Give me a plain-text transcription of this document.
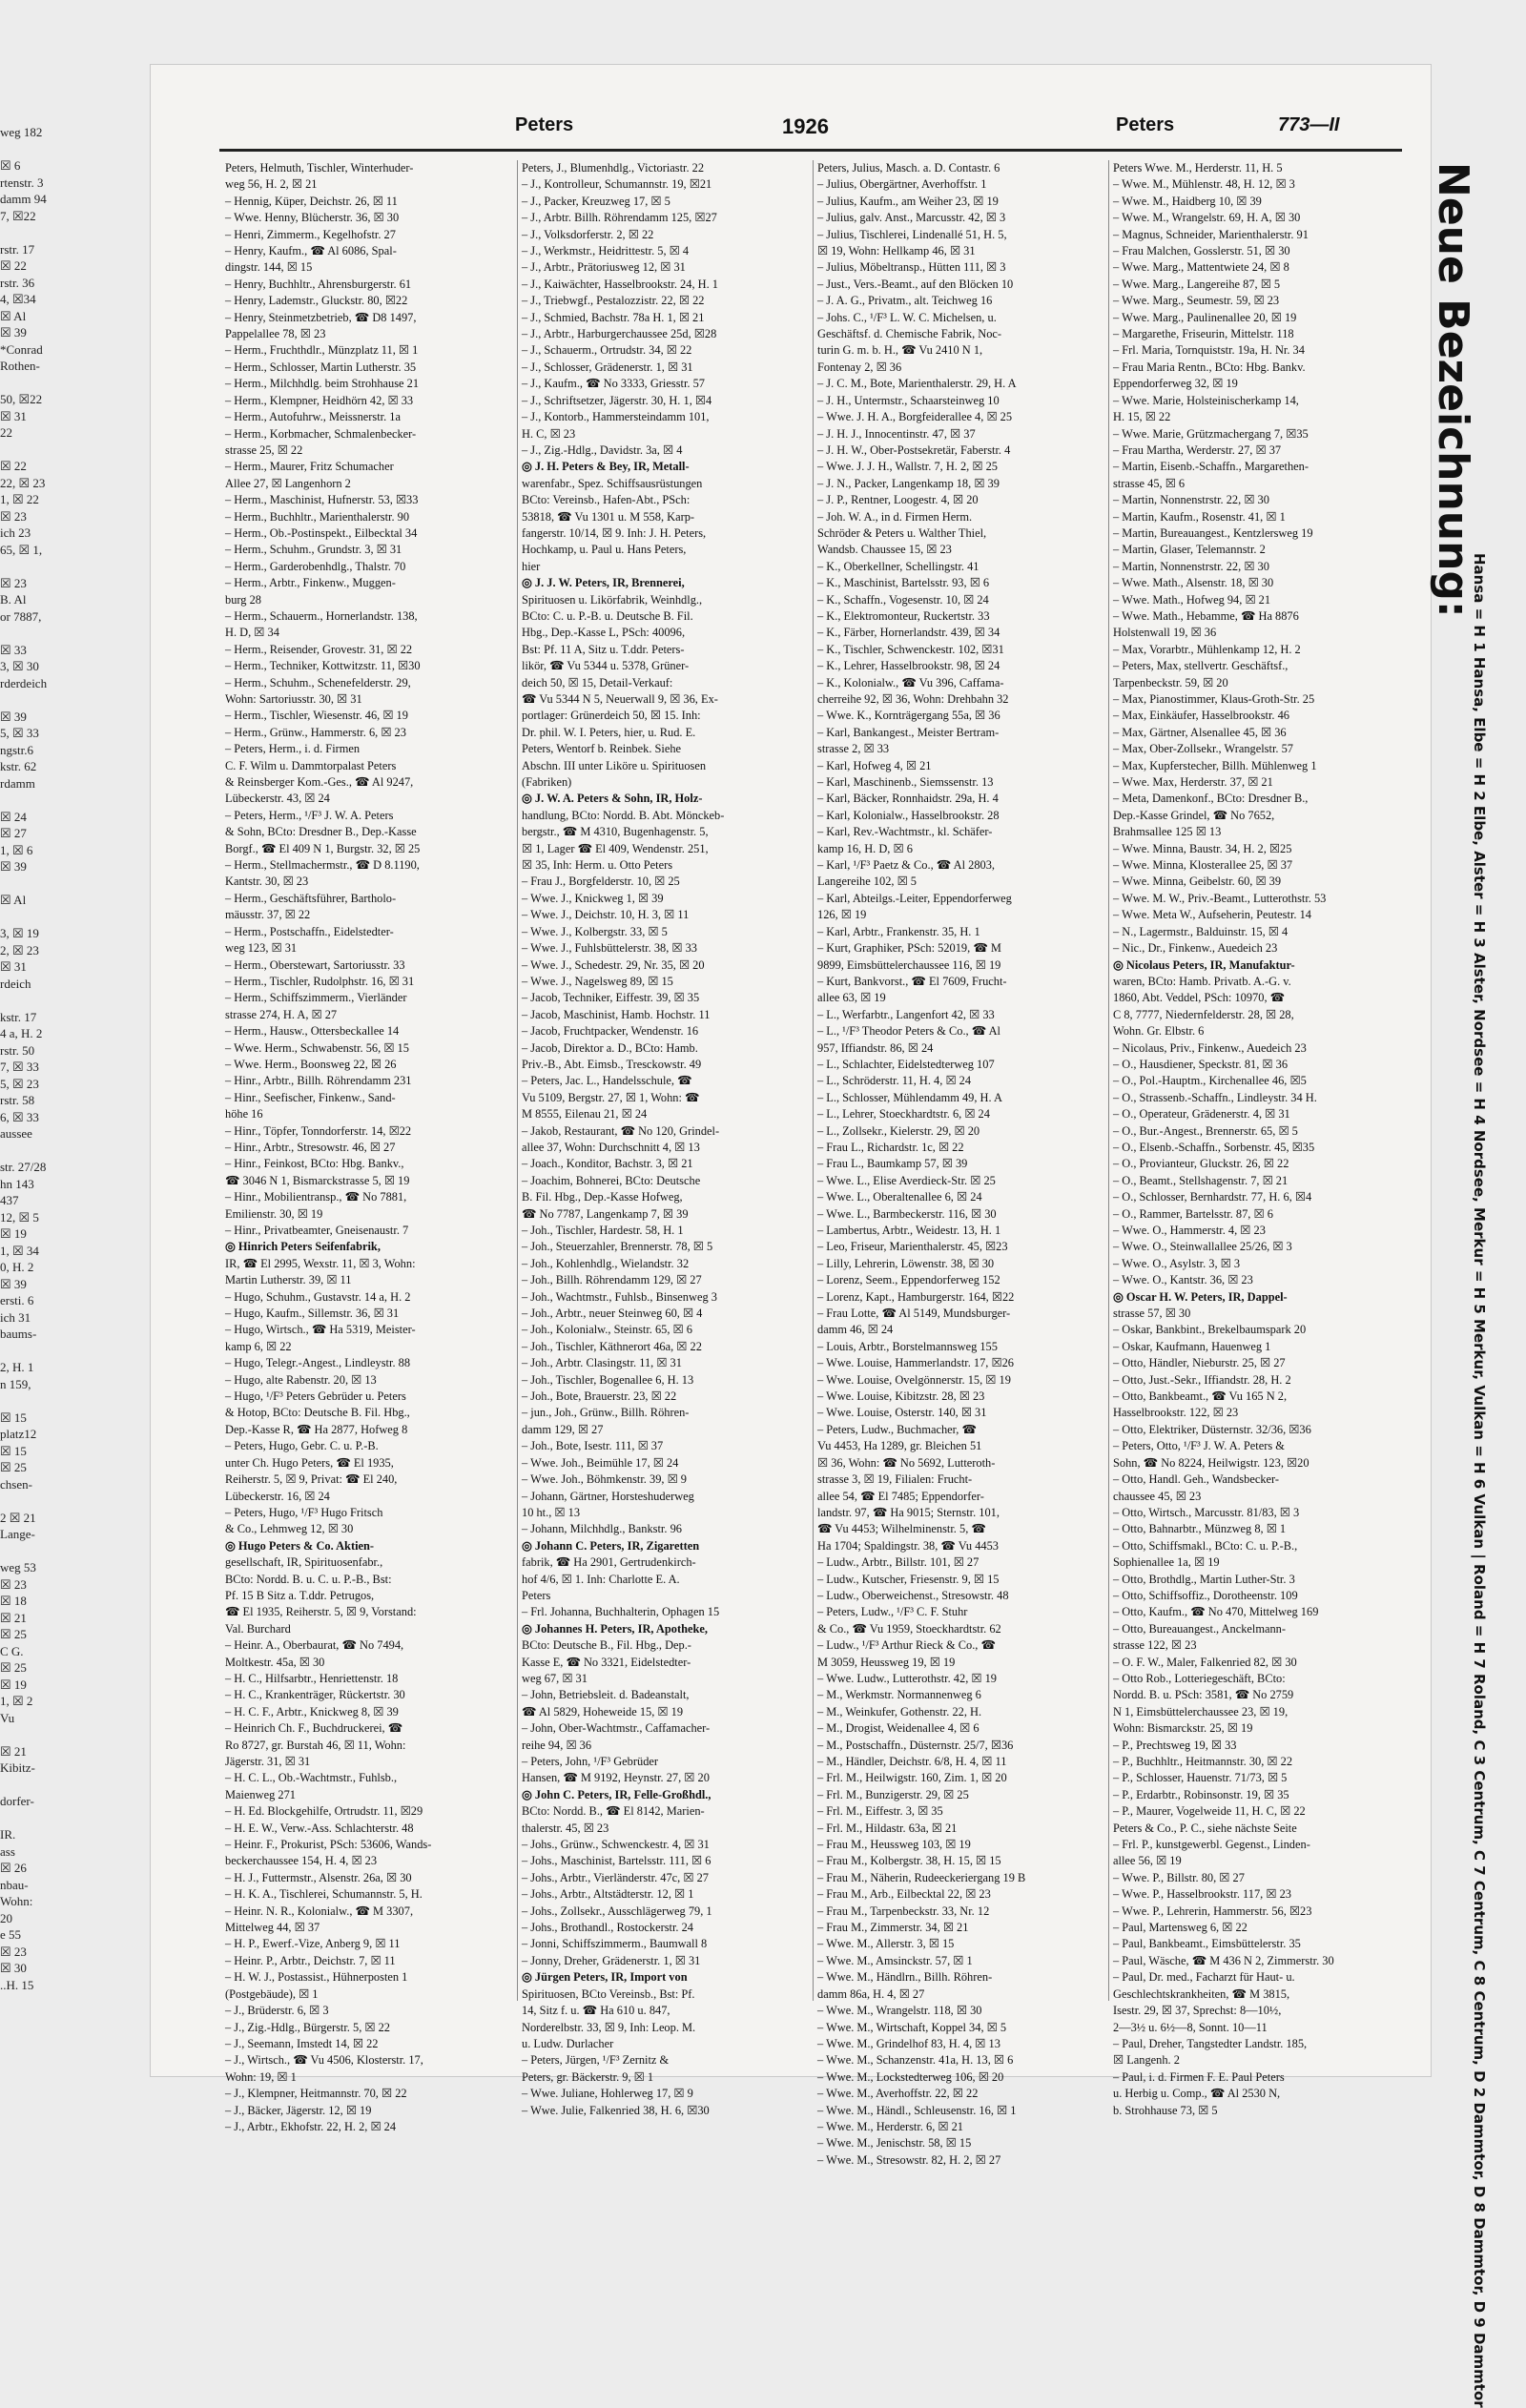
weg 182

☒ 6
rtenstr. 3
damm 94
7, ☒22

rstr. 17
☒ 22
rstr. 36
4, ☒34
☒ Al
☒ 39
*Conrad
Rothen-

50, ☒22
☒ 31
22

☒ 22
22, ☒ 23
1, ☒ 22
☒ 23
ich 23
65, ☒ 1,

☒ 23
B. Al
or 7887,

☒ 33
3, ☒ 30
rderdeich

☒ 39
5, ☒ 33
ngstr.6
kstr. 62
rdamm

☒ 24
☒ 27
1, ☒ 6
☒ 39

☒ Al

3, ☒ 19
2, ☒ 23
☒ 31
rdeich

kstr. 17
4 a, H. 2
rstr. 50
7, ☒ 33
5, ☒ 23
rstr. 58
6, ☒ 33
aussee

str. 27/28
hn 143
437
12, ☒ 5
☒ 19
1, ☒ 34
0, H. 2
☒ 39
ersti. 6
ich 31
baums-

2, H. 1
n 159,

☒ 15
platz12
☒ 15
☒ 25
chsen-

2 ☒ 21
Lange-

weg 53
☒ 23
☒ 18
☒ 21
☒ 25
C G.
☒ 25
☒ 19
1, ☒ 2
Vu

☒ 21
Kibitz-

dorfer-

IR.
ass
☒ 26
nbau-
Wohn:
20
e 55
☒ 23
☒ 30
..H. 15
Peters	1926	Peters	773—II
Peters, Helmuth, Tischler, Winterhuder-
weg 56, H. 2, ☒ 21
– Hennig, Küper, Deichstr. 26, ☒ 11
– Wwe. Henny, Blücherstr. 36, ☒ 30
– Henri, Zimmerm., Kegelhofstr. 27
– Henry, Kaufm., ☎ Al 6086, Spal-
dingstr. 144, ☒ 15
– Henry, Buchhltr., Ahrensburgerstr. 61
– Henry, Lademstr., Gluckstr. 80, ☒22
– Henry, Steinmetzbetrieb, ☎ D8 1497,
Pappelallee 78, ☒ 23
– Herm., Fruchthdlr., Münzplatz 11, ☒ 1
– Herm., Schlosser, Martin Lutherstr. 35
– Herm., Milchhdlg. beim Strohhause 21
– Herm., Klempner, Heidhörn 42, ☒ 33
– Herm., Autofuhrw., Meissnerstr. 1a
– Herm., Korbmacher, Schmalenbecker-
strasse 25, ☒ 22
– Herm., Maurer, Fritz Schumacher
Allee 27, ☒ Langenhorn 2
– Herm., Maschinist, Hufnerstr. 53, ☒33
– Herm., Buchhltr., Marienthalerstr. 90
– Herm., Ob.-Postinspekt., Eilbecktal 34
– Herm., Schuhm., Grundstr. 3, ☒ 31
– Herm., Garderobenhdlg., Thalstr. 70
– Herm., Arbtr., Finkenw., Muggen-
burg 28
– Herm., Schauerm., Hornerlandstr. 138,
H. D, ☒ 34
– Herm., Reisender, Grovestr. 31, ☒ 22
– Herm., Techniker, Kottwitzstr. 11, ☒30
– Herm., Schuhm., Schenefelderstr. 29,
Wohn: Sartoriusstr. 30, ☒ 31
– Herm., Tischler, Wiesenstr. 46, ☒ 19
– Herm., Grünw., Hammerstr. 6, ☒ 23
– Peters, Herm., i. d. Firmen
C. F. Wilm u. Dammtorpalast Peters
& Reinsberger Kom.-Ges., ☎ Al 9247,
Lübeckerstr. 43, ☒ 24
– Peters, Herm., ¹/F³ J. W. A. Peters
& Sohn, BCto: Dresdner B., Dep.-Kasse
Borgf., ☎ El 409 N 1, Burgstr. 32, ☒ 25
– Herm., Stellmachermstr., ☎ D 8.1190,
Kantstr. 30, ☒ 23
– Herm., Geschäftsführer, Bartholo-
mäusstr. 37, ☒ 22
– Herm., Postschaffn., Eidelstedter-
weg 123, ☒ 31
– Herm., Oberstewart, Sartoriusstr. 33
– Herm., Tischler, Rudolphstr. 16, ☒ 31
– Herm., Schiffszimmerm., Vierländer
strasse 274, H. A, ☒ 27
– Herm., Hausw., Ottersbeckallee 14
– Wwe. Herm., Schwabenstr. 56, ☒ 15
– Wwe. Herm., Boonsweg 22, ☒ 26
– Hinr., Arbtr., Billh. Röhrendamm 231
– Hinr., Seefischer, Finkenw., Sand-
höhe 16
– Hinr., Töpfer, Tonndorferstr. 14, ☒22
– Hinr., Arbtr., Stresowstr. 46, ☒ 27
– Hinr., Feinkost, BCto: Hbg. Bankv.,
☎ 3046 N 1, Bismarckstrasse 5, ☒ 19
– Hinr., Mobilientransp., ☎ No 7881,
Emilienstr. 30, ☒ 19
– Hinr., Privatbeamter, Gneisenaustr. 7
◎ Hinrich Peters Seifenfabrik,
IR, ☎ El 2995, Wexstr. 11, ☒ 3, Wohn:
Martin Lutherstr. 39, ☒ 11
– Hugo, Schuhm., Gustavstr. 14 a, H. 2
– Hugo, Kaufm., Sillemstr. 36, ☒ 31
– Hugo, Wirtsch., ☎ Ha 5319, Meister-
kamp 6, ☒ 22
– Hugo, Telegr.-Angest., Lindleystr. 88
– Hugo, alte Rabenstr. 20, ☒ 13
– Hugo, ¹/F³ Peters Gebrüder u. Peters
& Hotop, BCto: Deutsche B. Fil. Hbg.,
Dep.-Kasse R, ☎ Ha 2877, Hofweg 8
– Peters, Hugo, Gebr. C. u. P.-B.
unter Ch. Hugo Peters, ☎ El 1935,
Reiherstr. 5, ☒ 9, Privat: ☎ El 240,
Lübeckerstr. 16, ☒ 24
– Peters, Hugo, ¹/F³ Hugo Fritsch
& Co., Lehmweg 12, ☒ 30
◎ Hugo Peters & Co. Aktien-
gesellschaft, IR, Spirituosenfabr.,
BCto: Nordd. B. u. C. u. P.-B., Bst:
Pf. 15 B Sitz a. T.ddr. Petrugos,
☎ El 1935, Reiherstr. 5, ☒ 9, Vorstand:
Val. Burchard
– Heinr. A., Oberbaurat, ☎ No 7494,
Moltkestr. 45a, ☒ 30
– H. C., Hilfsarbtr., Henriettenstr. 18
– H. C., Krankenträger, Rückertstr. 30
– H. C. F., Arbtr., Knickweg 8, ☒ 39
– Heinrich Ch. F., Buchdruckerei, ☎
Ro 8727, gr. Burstah 46, ☒ 11, Wohn:
Jägerstr. 31, ☒ 31
– H. C. L., Ob.-Wachtmstr., Fuhlsb.,
Maienweg 271
– H. Ed. Blockgehilfe, Ortrudstr. 11, ☒29
– H. E. W., Verw.-Ass. Schlachterstr. 48
– Heinr. F., Prokurist, PSch: 53606, Wands-
beckerchaussee 154, H. 4, ☒ 23
– H. J., Futtermstr., Alsenstr. 26a, ☒ 30
– H. K. A., Tischlerei, Schumannstr. 5, H.
– Heinr. N. R., Kolonialw., ☎ M 3307,
Mittelweg 44, ☒ 37
– H. P., Ewerf.-Vize, Anberg 9, ☒ 11
– Heinr. P., Arbtr., Deichstr. 7, ☒ 11
– H. W. J., Postassist., Hühnerposten 1
(Postgebäude), ☒ 1
– J., Brüderstr. 6, ☒ 3
– J., Zig.-Hdlg., Bürgerstr. 5, ☒ 22
– J., Seemann, Imstedt 14, ☒ 22
– J., Wirtsch., ☎ Vu 4506, Klosterstr. 17,
Wohn: 19, ☒ 1
– J., Klempner, Heitmannstr. 70, ☒ 22
– J., Bäcker, Jägerstr. 12, ☒ 19
– J., Arbtr., Ekhofstr. 22, H. 2, ☒ 24
Peters, J., Blumenhdlg., Victoriastr. 22
– J., Kontrolleur, Schumannstr. 19, ☒21
– J., Packer, Kreuzweg 17, ☒ 5
– J., Arbtr. Billh. Röhrendamm 125, ☒27
– J., Volksdorferstr. 2, ☒ 22
– J., Werkmstr., Heidrittestr. 5, ☒ 4
– J., Arbtr., Prätoriusweg 12, ☒ 31
– J., Kaiwächter, Hasselbrookstr. 24, H. 1
– J., Triebwgf., Pestalozzistr. 22, ☒ 22
– J., Schmied, Bachstr. 78a H. 1, ☒ 21
– J., Arbtr., Harburgerchaussee 25d, ☒28
– J., Schauerm., Ortrudstr. 34, ☒ 22
– J., Schlosser, Grädenerstr. 1, ☒ 31
– J., Kaufm., ☎ No 3333, Griesstr. 57
– J., Schriftsetzer, Jägerstr. 30, H. 1, ☒4
– J., Kontorb., Hammersteindamm 101,
H. C, ☒ 23
– J., Zig.-Hdlg., Davidstr. 3a, ☒ 4
◎ J. H. Peters & Bey, IR, Metall-
warenfabr., Spez. Schiffsausrüstungen
BCto: Vereinsb., Hafen-Abt., PSch:
53818, ☎ Vu 1301 u. M 558, Karp-
fangerstr. 10/14, ☒ 9. Inh: J. H. Peters,
Hochkamp, u. Paul u. Hans Peters,
hier
◎ J. J. W. Peters, IR, Brennerei,
Spirituosen u. Likörfabrik, Weinhdlg.,
BCto: C. u. P.-B. u. Deutsche B. Fil.
Hbg., Dep.-Kasse L, PSch: 40096,
Bst: Pf. 11 A, Sitz u. T.ddr. Peters-
likör, ☎ Vu 5344 u. 5378, Grüner-
deich 50, ☒ 15, Detail-Verkauf:
☎ Vu 5344 N 5, Neuerwall 9, ☒ 36, Ex-
portlager: Grünerdeich 50, ☒ 15. Inh:
Dr. phil. W. I. Peters, hier, u. Rud. E.
Peters, Wentorf b. Reinbek. Siehe
Abschn. III unter Liköre u. Spirituosen
(Fabriken)
◎ J. W. A. Peters & Sohn, IR, Holz-
handlung, BCto: Nordd. B. Abt. Mönckeb-
bergstr., ☎ M 4310, Bugenhagenstr. 5,
☒ 1, Lager ☎ El 409, Wendenstr. 251,
☒ 35, Inh: Herm. u. Otto Peters
– Frau J., Borgfelderstr. 10, ☒ 25
– Wwe. J., Knickweg 1, ☒ 39
– Wwe. J., Deichstr. 10, H. 3, ☒ 11
– Wwe. J., Kolbergstr. 33, ☒ 5
– Wwe. J., Fuhlsbüttelerstr. 38, ☒ 33
– Wwe. J., Schedestr. 29, Nr. 35, ☒ 20
– Wwe. J., Nagelsweg 89, ☒ 15
– Jacob, Techniker, Eiffestr. 39, ☒ 35
– Jacob, Maschinist, Hamb. Hochstr. 11
– Jacob, Fruchtpacker, Wendenstr. 16
– Jacob, Direktor a. D., BCto: Hamb.
Priv.-B., Abt. Eimsb., Tresckowstr. 49
– Peters, Jac. L., Handelsschule, ☎
Vu 5109, Bergstr. 27, ☒ 1, Wohn: ☎
M 8555, Eilenau 21, ☒ 24
– Jakob, Restaurant, ☎ No 120, Grindel-
allee 37, Wohn: Durchschnitt 4, ☒ 13
– Joach., Konditor, Bachstr. 3, ☒ 21
– Joachim, Bohnerei, BCto: Deutsche
B. Fil. Hbg., Dep.-Kasse Hofweg,
☎ No 7787, Langenkamp 7, ☒ 39
– Joh., Tischler, Hardestr. 58, H. 1
– Joh., Steuerzahler, Brennerstr. 78, ☒ 5
– Joh., Kohlenhdlg., Wielandstr. 32
– Joh., Billh. Röhrendamm 129, ☒ 27
– Joh., Wachtmstr., Fuhlsb., Binsenweg 3
– Joh., Arbtr., neuer Steinweg 60, ☒ 4
– Joh., Kolonialw., Steinstr. 65, ☒ 6
– Joh., Tischler, Käthnerort 46a, ☒ 22
– Joh., Arbtr. Clasingstr. 11, ☒ 31
– Joh., Tischler, Bogenallee 6, H. 13
– Joh., Bote, Brauerstr. 23, ☒ 22
– jun., Joh., Grünw., Billh. Röhren-
damm 129, ☒ 27
– Joh., Bote, Isestr. 111, ☒ 37
– Wwe. Joh., Beimühle 17, ☒ 24
– Wwe. Joh., Böhmkenstr. 39, ☒ 9
– Johann, Gärtner, Horsteshuderweg
10 ht., ☒ 13
– Johann, Milchhdlg., Bankstr. 96
◎ Johann C. Peters, IR, Zigaretten
fabrik, ☎ Ha 2901, Gertrudenkirch-
hof 4/6, ☒ 1. Inh: Charlotte E. A.
Peters
– Frl. Johanna, Buchhalterin, Ophagen 15
◎ Johannes H. Peters, IR, Apotheke,
BCto: Deutsche B., Fil. Hbg., Dep.-
Kasse E, ☎ No 3321, Eidelstedter-
weg 67, ☒ 31
– John, Betriebsleit. d. Badeanstalt,
☎ Al 5829, Hoheweide 15, ☒ 19
– John, Ober-Wachtmstr., Caffamacher-
reihe 94, ☒ 36
– Peters, John, ¹/F³ Gebrüder
Hansen, ☎ M 9192, Heynstr. 27, ☒ 20
◎ John C. Peters, IR, Felle-Großhdl.,
BCto: Nordd. B., ☎ El 8142, Marien-
thalerstr. 45, ☒ 23
– Johs., Grünw., Schwenckestr. 4, ☒ 31
– Johs., Maschinist, Bartelsstr. 111, ☒ 6
– Johs., Arbtr., Vierländerstr. 47c, ☒ 27
– Johs., Arbtr., Altstädterstr. 12, ☒ 1
– Johs., Zollsekr., Ausschlägerweg 79, 1
– Johs., Brothandl., Rostockerstr. 24
– Jonni, Schiffszimmerm., Baumwall 8
– Jonny, Dreher, Grädenerstr. 1, ☒ 31
◎ Jürgen Peters, IR, Import von
Spirituosen, BCto Vereinsb., Bst: Pf.
14, Sitz f. u. ☎ Ha 610 u. 847,
Norderelbstr. 33, ☒ 9, Inh: Leop. M.
u. Ludw. Durlacher
– Peters, Jürgen, ¹/F³ Zernitz &
Peters, gr. Bäckerstr. 9, ☒ 1
– Wwe. Juliane, Hohlerweg 17, ☒ 9
– Wwe. Julie, Falkenried 38, H. 6, ☒30
Peters, Julius, Masch. a. D. Contastr. 6
– Julius, Obergärtner, Averhoffstr. 1
– Julius, Kaufm., am Weiher 23, ☒ 19
– Julius, galv. Anst., Marcusstr. 42, ☒ 3
– Julius, Tischlerei, Lindenallé 51, H. 5,
☒ 19, Wohn: Hellkamp 46, ☒ 31
– Julius, Möbeltransp., Hütten 111, ☒ 3
– Just., Vers.-Beamt., auf den Blöcken 10
– J. A. G., Privatm., alt. Teichweg 16
– Johs. C., ¹/F³ L. W. C. Michelsen, u.
Geschäftsf. d. Chemische Fabrik, Noc-
turin G. m. b. H., ☎ Vu 2410 N 1,
Fontenay 2, ☒ 36
– J. C. M., Bote, Marienthalerstr. 29, H. A
– J. H., Untermstr., Schaarsteinweg 10
– Wwe. J. H. A., Borgfeiderallee 4, ☒ 25
– J. H. J., Innocentinstr. 47, ☒ 37
– J. H. W., Ober-Postsekretär, Faberstr. 4
– Wwe. J. J. H., Wallstr. 7, H. 2, ☒ 25
– J. N., Packer, Langenkamp 18, ☒ 39
– J. P., Rentner, Loogestr. 4, ☒ 20
– Joh. W. A., in d. Firmen Herm.
Schröder & Peters u. Walther Thiel,
Wandsb. Chaussee 15, ☒ 23
– K., Oberkellner, Schellingstr. 41
– K., Maschinist, Bartelsstr. 93, ☒ 6
– K., Schaffn., Vogesenstr. 10, ☒ 24
– K., Elektromonteur, Ruckertstr. 33
– K., Färber, Hornerlandstr. 439, ☒ 34
– K., Tischler, Schwenckestr. 102, ☒31
– K., Lehrer, Hasselbrookstr. 98, ☒ 24
– K., Kolonialw., ☎ Vu 396, Caffama-
cherreihe 92, ☒ 36, Wohn: Drehbahn 32
– Wwe. K., Kornträgergang 55a, ☒ 36
– Karl, Bankangest., Meister Bertram-
strasse 2, ☒ 33
– Karl, Hofweg 4, ☒ 21
– Karl, Maschinenb., Siemssenstr. 13
– Karl, Bäcker, Ronnhaidstr. 29a, H. 4
– Karl, Kolonialw., Hasselbrookstr. 28
– Karl, Rev.-Wachtmstr., kl. Schäfer-
kamp 16, H. D, ☒ 6
– Karl, ¹/F³ Paetz & Co., ☎ Al 2803,
Langereihe 102, ☒ 5
– Karl, Abteilgs.-Leiter, Eppendorferweg
126, ☒ 19
– Karl, Arbtr., Frankenstr. 35, H. 1
– Kurt, Graphiker, PSch: 52019, ☎ M
9899, Eimsbüttelerchaussee 116, ☒ 19
– Kurt, Bankvorst., ☎ El 7609, Frucht-
allee 63, ☒ 19
– L., Werfarbtr., Langenfort 42, ☒ 33
– L., ¹/F³ Theodor Peters & Co., ☎ Al
957, Iffiandstr. 86, ☒ 24
– L., Schlachter, Eidelstedterweg 107
– L., Schröderstr. 11, H. 4, ☒ 24
– L., Schlosser, Mühlendamm 49, H. A
– L., Lehrer, Stoeckhardtstr. 6, ☒ 24
– L., Zollsekr., Kielerstr. 29, ☒ 20
– Frau L., Richardstr. 1c, ☒ 22
– Frau L., Baumkamp 57, ☒ 39
– Wwe. L., Elise Averdieck-Str. ☒ 25
– Wwe. L., Oberaltenallee 6, ☒ 24
– Wwe. L., Barmbeckerstr. 116, ☒ 30
– Lambertus, Arbtr., Weidestr. 13, H. 1
– Leo, Friseur, Marienthalerstr. 45, ☒23
– Lilly, Lehrerin, Löwenstr. 38, ☒ 30
– Lorenz, Seem., Eppendorferweg 152
– Lorenz, Kapt., Hamburgerstr. 164, ☒22
– Frau Lotte, ☎ Al 5149, Mundsburger-
damm 46, ☒ 24
– Louis, Arbtr., Borstelmannsweg 155
– Wwe. Louise, Hammerlandstr. 17, ☒26
– Wwe. Louise, Ovelgönnerstr. 15, ☒ 19
– Wwe. Louise, Kibitzstr. 28, ☒ 23
– Wwe. Louise, Osterstr. 140, ☒ 31
– Peters, Ludw., Buchmacher, ☎
Vu 4453, Ha 1289, gr. Bleichen 51
☒ 36, Wohn: ☎ No 5692, Lutteroth-
strasse 3, ☒ 19, Filialen: Frucht-
allee 54, ☎ El 7485; Eppendorfer-
landstr. 97, ☎ Ha 9015; Sternstr. 101,
☎ Vu 4453; Wilhelminenstr. 5, ☎
Ha 1704; Spaldingstr. 38, ☎ Vu 4453
– Ludw., Arbtr., Billstr. 101, ☒ 27
– Ludw., Kutscher, Friesenstr. 9, ☒ 15
– Ludw., Oberweichenst., Stresowstr. 48
– Peters, Ludw., ¹/F³ C. F. Stuhr
& Co., ☎ Vu 1959, Stoeckhardtstr. 62
– Ludw., ¹/F³ Arthur Rieck & Co., ☎
M 3059, Heussweg 19, ☒ 19
– Wwe. Ludw., Lutterothstr. 42, ☒ 19
– M., Werkmstr. Normannenweg 6
– M., Weinkufer, Gothenstr. 22, H.
– M., Drogist, Weidenallee 4, ☒ 6
– M., Postschaffn., Düsternstr. 25/7, ☒36
– M., Händler, Deichstr. 6/8, H. 4, ☒ 11
– Frl. M., Heilwigstr. 160, Zim. 1, ☒ 20
– Frl. M., Bunzigerstr. 29, ☒ 25
– Frl. M., Eiffestr. 3, ☒ 35
– Frl. M., Hildastr. 63a, ☒ 21
– Frau M., Heussweg 103, ☒ 19
– Frau M., Kolbergstr. 38, H. 15, ☒ 15
– Frau M., Näherin, Rudeeckeriergang 19 B
– Frau M., Arb., Eilbecktal 22, ☒ 23
– Frau M., Tarpenbeckstr. 33, Nr. 12
– Frau M., Zimmerstr. 34, ☒ 21
– Wwe. M., Allerstr. 3, ☒ 15
– Wwe. M., Amsinckstr. 57, ☒ 1
– Wwe. M., Händlrn., Billh. Röhren-
damm 86a, H. 4, ☒ 27
– Wwe. M., Wrangelstr. 118, ☒ 30
– Wwe. M., Wirtschaft, Koppel 34, ☒ 5
– Wwe. M., Grindelhof 83, H. 4, ☒ 13
– Wwe. M., Schanzenstr. 41a, H. 13, ☒ 6
– Wwe. M., Lockstedterweg 106, ☒ 20
– Wwe. M., Averhoffstr. 22, ☒ 22
– Wwe. M., Händl., Schleusenstr. 16, ☒ 1
– Wwe. M., Herderstr. 6, ☒ 21
– Wwe. M., Jenischstr. 58, ☒ 15
– Wwe. M., Stresowstr. 82, H. 2, ☒ 27
Peters Wwe. M., Herderstr. 11, H. 5
– Wwe. M., Mühlenstr. 48, H. 12, ☒ 3
– Wwe. M., Haidberg 10, ☒ 39
– Wwe. M., Wrangelstr. 69, H. A, ☒ 30
– Magnus, Schneider, Marienthalerstr. 91
– Frau Malchen, Gosslerstr. 51, ☒ 30
– Wwe. Marg., Mattentwiete 24, ☒ 8
– Wwe. Marg., Langereihe 87, ☒ 5
– Wwe. Marg., Seumestr. 59, ☒ 23
– Wwe. Marg., Paulinenallee 20, ☒ 19
– Margarethe, Friseurin, Mittelstr. 118
– Frl. Maria, Tornquiststr. 19a, H. Nr. 34
– Frau Maria Rentn., BCto: Hbg. Bankv.
Eppendorferweg 32, ☒ 19
– Wwe. Marie, Holsteinischerkamp 14,
H. 15, ☒ 22
– Wwe. Marie, Grützmachergang 7, ☒35
– Frau Martha, Werderstr. 27, ☒ 37
– Martin, Eisenb.-Schaffn., Margarethen-
strasse 45, ☒ 6
– Martin, Nonnenstrstr. 22, ☒ 30
– Martin, Kaufm., Rosenstr. 41, ☒ 1
– Martin, Bureauangest., Kentzlersweg 19
– Martin, Glaser, Telemannstr. 2
– Martin, Nonnenstrstr. 22, ☒ 30
– Wwe. Math., Alsenstr. 18, ☒ 30
– Wwe. Math., Hofweg 94, ☒ 21
– Wwe. Math., Hebamme, ☎ Ha 8876
Holstenwall 19, ☒ 36
– Max, Vorarbtr., Mühlenkamp 12, H. 2
– Peters, Max, stellvertr. Geschäftsf.,
Tarpenbeckstr. 59, ☒ 20
– Max, Pianostimmer, Klaus-Groth-Str. 25
– Max, Einkäufer, Hasselbrookstr. 46
– Max, Gärtner, Alsenallee 45, ☒ 36
– Max, Ober-Zollsekr., Wrangelstr. 57
– Max, Kupferstecher, Billh. Mühlenweg 1
– Wwe. Max, Herderstr. 37, ☒ 21
– Meta, Damenkonf., BCto: Dresdner B.,
Dep.-Kasse Grindel, ☎ No 7652,
Brahmsallee 125 ☒ 13
– Wwe. Minna, Baustr. 34, H. 2, ☒25
– Wwe. Minna, Klosterallee 25, ☒ 37
– Wwe. Minna, Geibelstr. 60, ☒ 39
– Wwe. M. W., Priv.-Beamt., Lutterothstr. 53
– Wwe. Meta W., Aufseherin, Peutestr. 14
– N., Lagermstr., Balduinstr. 15, ☒ 4
– Nic., Dr., Finkenw., Auedeich 23
◎ Nicolaus Peters, IR, Manufaktur-
waren, BCto: Hamb. Privatb. A.-G. v.
1860, Abt. Veddel, PSch: 10970, ☎
C 8, 7777, Niedernfelderstr. 28, ☒ 28,
Wohn. Gr. Elbstr. 6
– Nicolaus, Priv., Finkenw., Auedeich 23
– O., Hausdiener, Speckstr. 81, ☒ 36
– O., Pol.-Hauptm., Kirchenallee 46, ☒5
– O., Strassenb.-Schaffn., Lindleystr. 34 H.
– O., Operateur, Grädenerstr. 4, ☒ 31
– O., Bur.-Angest., Brennerstr. 65, ☒ 5
– O., Elsenb.-Schaffn., Sorbenstr. 45, ☒35
– O., Provianteur, Gluckstr. 26, ☒ 22
– O., Beamt., Stellshagenstr. 7, ☒ 21
– O., Schlosser, Bernhardstr. 77, H. 6, ☒4
– O., Rammer, Bartelsstr. 87, ☒ 6
– Wwe. O., Hammerstr. 4, ☒ 23
– Wwe. O., Steinwallallee 25/26, ☒ 3
– Wwe. O., Asylstr. 3, ☒ 3
– Wwe. O., Kantstr. 36, ☒ 23
◎ Oscar H. W. Peters, IR, Dappel-
strasse 57, ☒ 30
– Oskar, Bankbint., Brekelbaumspark 20
– Oskar, Kaufmann, Hauenweg 1
– Otto, Händler, Nieburstr. 25, ☒ 27
– Otto, Just.-Sekr., Iffiandstr. 28, H. 2
– Otto, Bankbeamt., ☎ Vu 165 N 2,
Hasselbrookstr. 122, ☒ 23
– Otto, Elektriker, Düsternstr. 32/36, ☒36
– Peters, Otto, ¹/F³ J. W. A. Peters &
Sohn, ☎ No 8224, Heilwigstr. 123, ☒20
– Otto, Handl. Geh., Wandsbecker-
chaussee 45, ☒ 23
– Otto, Wirtsch., Marcusstr. 81/83, ☒ 3
– Otto, Bahnarbtr., Münzweg 8, ☒ 1
– Otto, Schiffsmakl., BCto: C. u. P.-B.,
Sophienallee 1a, ☒ 19
– Otto, Brothdlg., Martin Luther-Str. 3
– Otto, Schiffsoffiz., Dorotheenstr. 109
– Otto, Kaufm., ☎ No 470, Mittelweg 169
– Otto, Bureauangest., Anckelmann-
strasse 122, ☒ 23
– O. F. W., Maler, Falkenried 82, ☒ 30
– Otto Rob., Lotteriegeschäft, BCto:
Nordd. B. u. PSch: 3581, ☎ No 2759
N 1, Eimsbüttelerchaussee 23, ☒ 19,
Wohn: Bismarckstr. 25, ☒ 19
– P., Prechtsweg 19, ☒ 33
– P., Buchhltr., Heitmannstr. 30, ☒ 22
– P., Schlosser, Hauenstr. 71/73, ☒ 5
– P., Erdarbtr., Robinsonstr. 19, ☒ 35
– P., Maurer, Vogelweide 11, H. C, ☒ 22
Peters & Co., P. C., siehe nächste Seite
– Frl. P., kunstgewerbl. Gegenst., Linden-
allee 56, ☒ 19
– Wwe. P., Billstr. 80, ☒ 27
– Wwe. P., Hasselbrookstr. 117, ☒ 23
– Wwe. P., Lehrerin, Hammerstr. 56, ☒23
– Paul, Martensweg 6, ☒ 22
– Paul, Bankbeamt., Eimsbüttelerstr. 35
– Paul, Wäsche, ☎ M 436 N 2, Zimmerstr. 30
– Paul, Dr. med., Facharzt für Haut- u.
Geschlechtskrankheiten, ☎ M 3815,
Isestr. 29, ☒ 37, Sprechst: 8—10½,
2—3½ u. 6½—8, Sonnt. 10—11
– Paul, Dreher, Tangstedter Landstr. 185,
☒ Langenh. 2
– Paul, i. d. Firmen F. E. Paul Peters
u. Herbig u. Comp., ☎ Al 2530 N,
b. Strohhause 73, ☒ 5
Neue Bezeichnung:
Hansa = H 1 Hansa, Elbe = H 2 Elbe, Alster = H 3 Alster, Nordsee = H 4 Nordsee, Merkur = H 5 Merkur, Vulkan = H 6 Vulkan | Roland = H 7 Roland, C 3 Centrum, C 7 Centrum, C 8 Centrum, D 2 Dammtor, D 8 Dammtor, D 9 Dammtor
